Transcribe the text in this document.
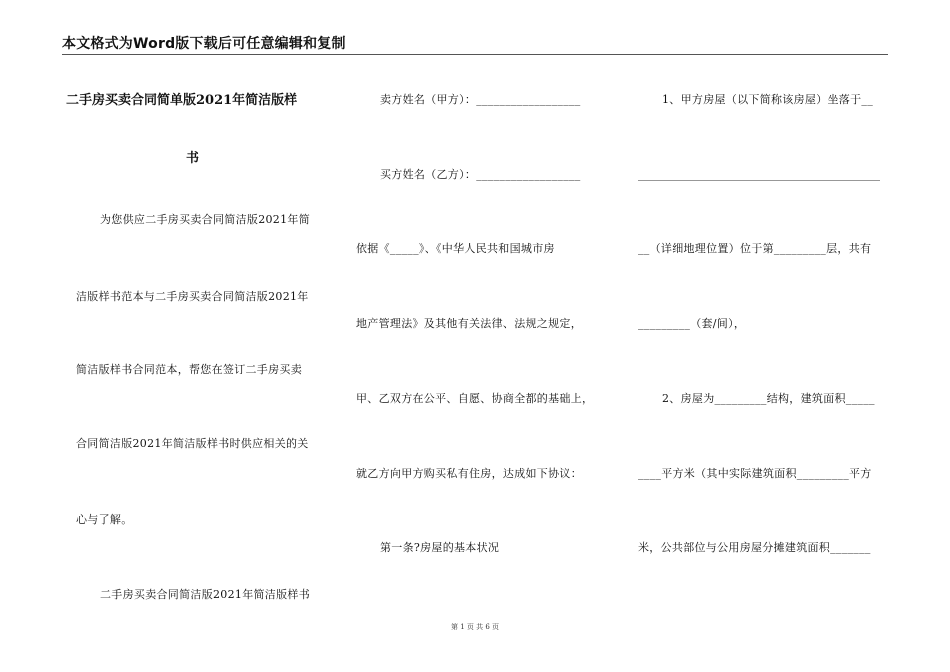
本文格式为Word版下载后可任意编辑和复制
二手房买卖合同简单版2021年简洁版样
书
为您供应二手房买卖合同简洁版2021年简
洁版样书范本与二手房买卖合同简洁版2021年
简洁版样书合同范本，帮您在签订二手房买卖
合同简洁版2021年简洁版样书时供应相关的关
心与了解。
二手房买卖合同简洁版2021年简洁版样书
卖方姓名（甲方）：__________________
买方姓名（乙方）：__________________
依据《_____》、《中华人民共和国城市房
地产管理法》及其他有关法律、法规之规定，
甲、乙双方在公平、自愿、协商全都的基础上，
就乙方向甲方购买私有住房，达成如下协议：
第一条?房屋的基本状况
1、甲方房屋（以下简称该房屋）坐落于__
____________________________________________
__（详细地理位置）位于第_________层，共有
_________（套/间），
2、房屋为_________结构，建筑面积_____
____平方米（其中实际建筑面积_________平方
米，公共部位与公用房屋分摊建筑面积_______
第 1 页 共 6 页
